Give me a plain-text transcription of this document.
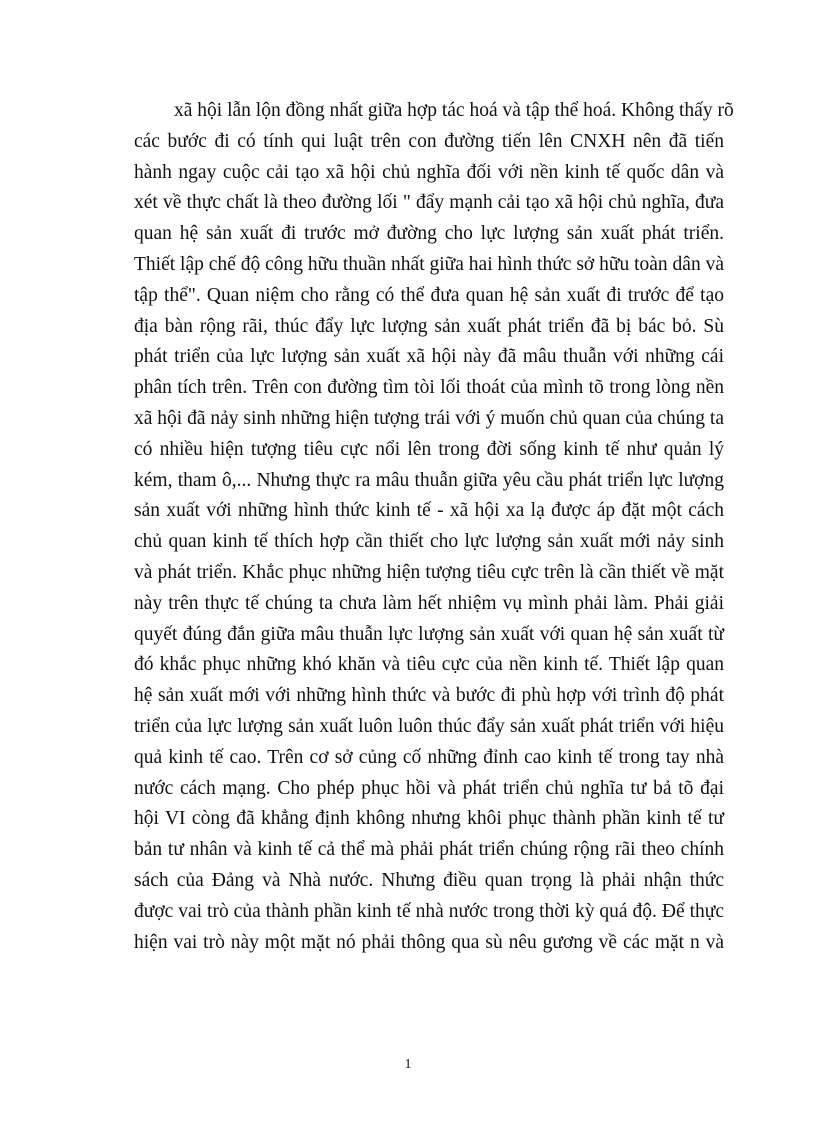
xã hội lẫn lộn đồng nhất giữa hợp tác hoá và tập thể hoá. Không thấy rõ
các bước đi có tính qui luật trên con đường tiến lên CNXH nên đã tiến
hành ngay cuộc cải tạo xã hội chủ nghĩa đối với nền kinh tế quốc dân và
xét về thực chất là theo đường lối " đẩy mạnh cải tạo xã hội chủ nghĩa, đưa
quan hệ sản xuất đi trước mở đường cho lực lượng sản xuất phát triển.
Thiết lập chế độ công hữu thuần nhất giữa hai hình thức sở hữu toàn dân và
tập thể". Quan niệm cho rằng có thể đưa quan hệ sản xuất đi trước để tạo
địa bàn rộng rãi, thúc đẩy lực lượng sản xuất phát triển đã bị bác bỏ. Sù
phát triển của lực lượng sản xuất xã hội này đã mâu thuẫn với những cái
phân tích trên. Trên con đường tìm tòi lối thoát của mình tõ trong lòng nền
xã hội đã nảy sinh những hiện tượng trái với ý muốn chủ quan của chúng ta
có nhiều hiện tượng tiêu cực nổi lên trong đời sống kinh tế như quản lý
kém, tham ô,... Nhưng thực ra mâu thuẫn giữa yêu cầu phát triển lực lượng
sản xuất với những hình thức kinh tế - xã hội xa lạ được áp đặt một cách
chủ quan kinh tế thích hợp cần thiết cho lực lượng sản xuất mới nảy sinh
và phát triển. Khắc phục những hiện tượng tiêu cực trên là cần thiết về mặt
này trên thực tế chúng ta chưa làm hết nhiệm vụ mình phải làm. Phải giải
quyết đúng đắn giữa mâu thuẫn lực lượng sản xuất với quan hệ sản xuất từ
đó khắc phục những khó khăn và tiêu cực của nền kinh tế. Thiết lập quan
hệ sản xuất mới với những hình thức và bước đi phù hợp với trình độ phát
triển của lực lượng sản xuất luôn luôn thúc đẩy sản xuất phát triển với hiệu
quả kinh tế cao. Trên cơ sở củng cố những đỉnh cao kinh tế trong tay nhà
nước cách mạng. Cho phép phục hồi và phát triển chủ nghĩa tư bả tõ đại
hội VI còng đã khẳng định không nhưng khôi phục thành phần kinh tế tư
bản tư nhân và kinh tế cả thể mà phải phát triển chúng rộng rãi theo chính
sách của Đảng và Nhà nước. Nhưng điều quan trọng là phải nhận thức
được vai trò của thành phần kinh tế nhà nước trong thời kỳ quá độ. Để thực
hiện vai trò này một mặt nó phải thông qua sù nêu gương về các mặt n và
1
